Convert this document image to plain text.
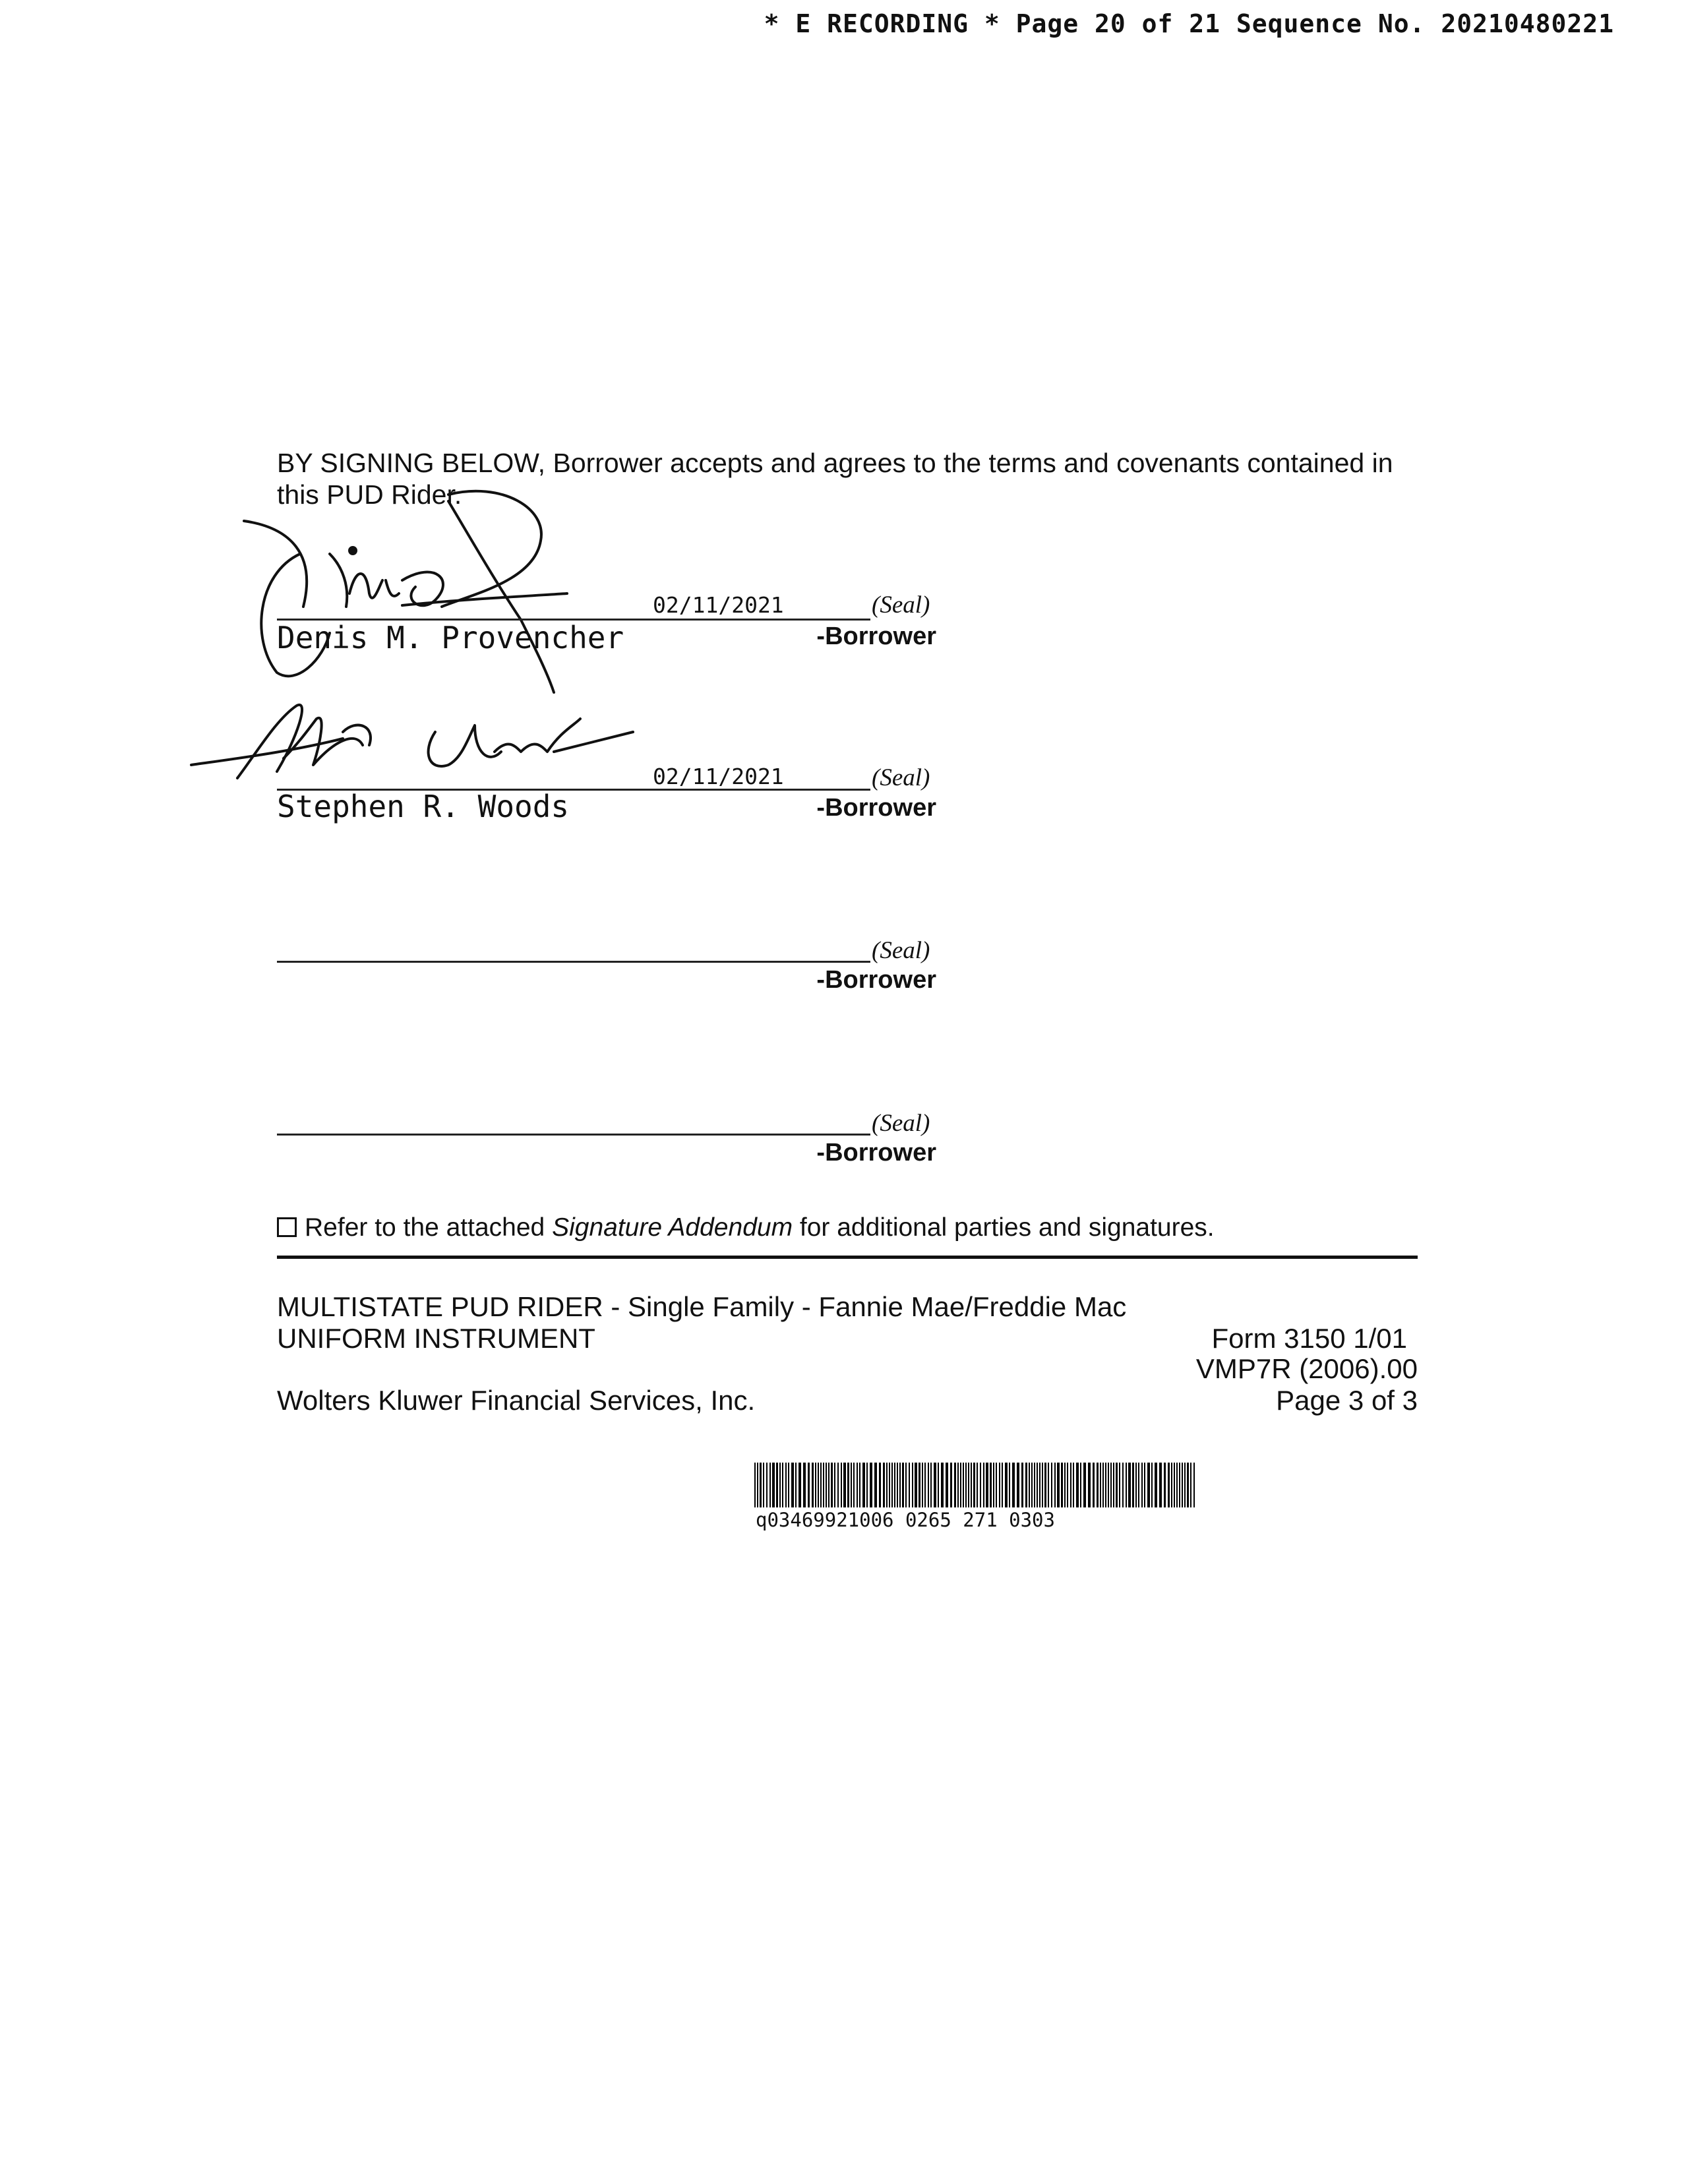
* E RECORDING * Page 20 of 21 Sequence No. 20210480221
BY SIGNING BELOW, Borrower accepts and agrees to the terms and covenants contained in
this PUD Rider.
02/11/2021	(Seal)
Denis M. Provencher	-Borrower
02/11/2021	(Seal)
Stephen R. Woods	-Borrower
(Seal)
-Borrower
(Seal)
-Borrower
Refer to the attached Signature Addendum for additional parties and signatures.
MULTISTATE PUD RIDER - Single Family - Fannie Mae/Freddie Mac
UNIFORM INSTRUMENT	Form 3150 1/01
VMP7R (2006).00
Wolters Kluwer Financial Services, Inc.	Page 3 of 3
q03469921006 0265 271 0303
